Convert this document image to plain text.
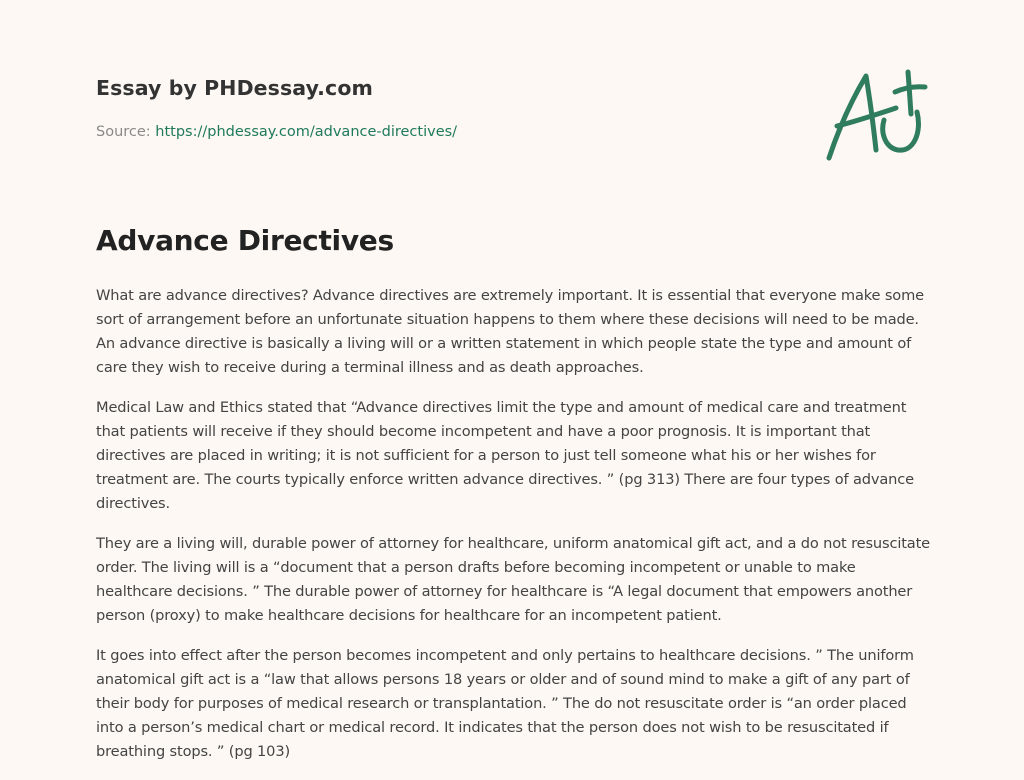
Essay by PHDessay.com
Source: https://phdessay.com/advance-directives/
Advance Directives

What are advance directives? Advance directives are extremely important. It is essential that everyone make some sort of arrangement before an unfortunate situation happens to them where these decisions will need to be made. An advance directive is basically a living will or a written statement in which people state the type and amount of care they wish to receive during a terminal illness and as death approaches.

Medical Law and Ethics stated that “Advance directives limit the type and amount of medical care and treatment that patients will receive if they should become incompetent and have a poor prognosis. It is important that directives are placed in writing; it is not sufficient for a person to just tell someone what his or her wishes for treatment are. The courts typically enforce written advance directives. ” (pg 313) There are four types of advance directives.

They are a living will, durable power of attorney for healthcare, uniform anatomical gift act, and a do not resuscitate order. The living will is a “document that a person drafts before becoming incompetent or unable to make healthcare decisions. ” The durable power of attorney for healthcare is “A legal document that empowers another person (proxy) to make healthcare decisions for healthcare for an incompetent patient.

It goes into effect after the person becomes incompetent and only pertains to healthcare decisions. ” The uniform anatomical gift act is a “law that allows persons 18 years or older and of sound mind to make a gift of any part of their body for purposes of medical research or transplantation. ” The do not resuscitate order is “an order placed into a person’s medical chart or medical record. It indicates that the person does not wish to be resuscitated if breathing stops. ” (pg 103)
